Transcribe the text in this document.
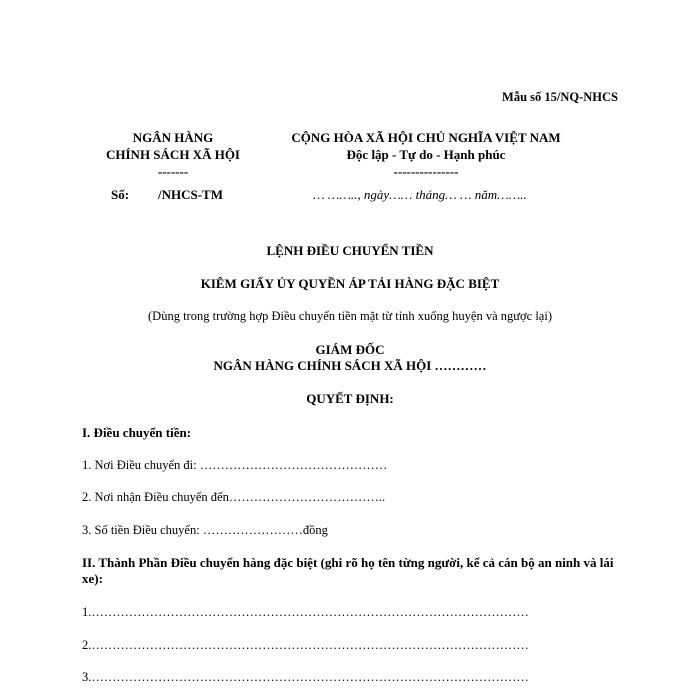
Mẫu số 15/NQ-NHCS
NGÂN HÀNG
CHÍNH SÁCH XÃ HỘI
-------
CỘNG HÒA XÃ HỘI CHỦ NGHĨA VIỆT NAM
Độc lập - Tự do - Hạnh phúc
---------------
Số: /NHCS-TM	… …….., ngày…… tháng… … năm……..
LỆNH ĐIỀU CHUYỂN TIỀN
KIÊM GIẤY ỦY QUYỀN ÁP TẢI HÀNG ĐẶC BIỆT
(Dùng trong trường hợp Điều chuyển tiền mặt từ tỉnh xuống huyện và ngược lại)
GIÁM ĐỐC
NGÂN HÀNG CHÍNH SÁCH XÃ HỘI …………
QUYẾT ĐỊNH:
I. Điều chuyển tiền:
1. Nơi Điều chuyển đi: ………………………………………
2. Nơi nhận Điều chuyển đến………………………………..
3. Số tiền Điều chuyển: ……………………đồng
II. Thành Phần Điều chuyển hàng đặc biệt (ghi rõ họ tên từng người, kể cả cán bộ an ninh và lái xe):
1.……………………………………………………………………………………………
2.……………………………………………………………………………………………
3.……………………………………………………………………………………………
